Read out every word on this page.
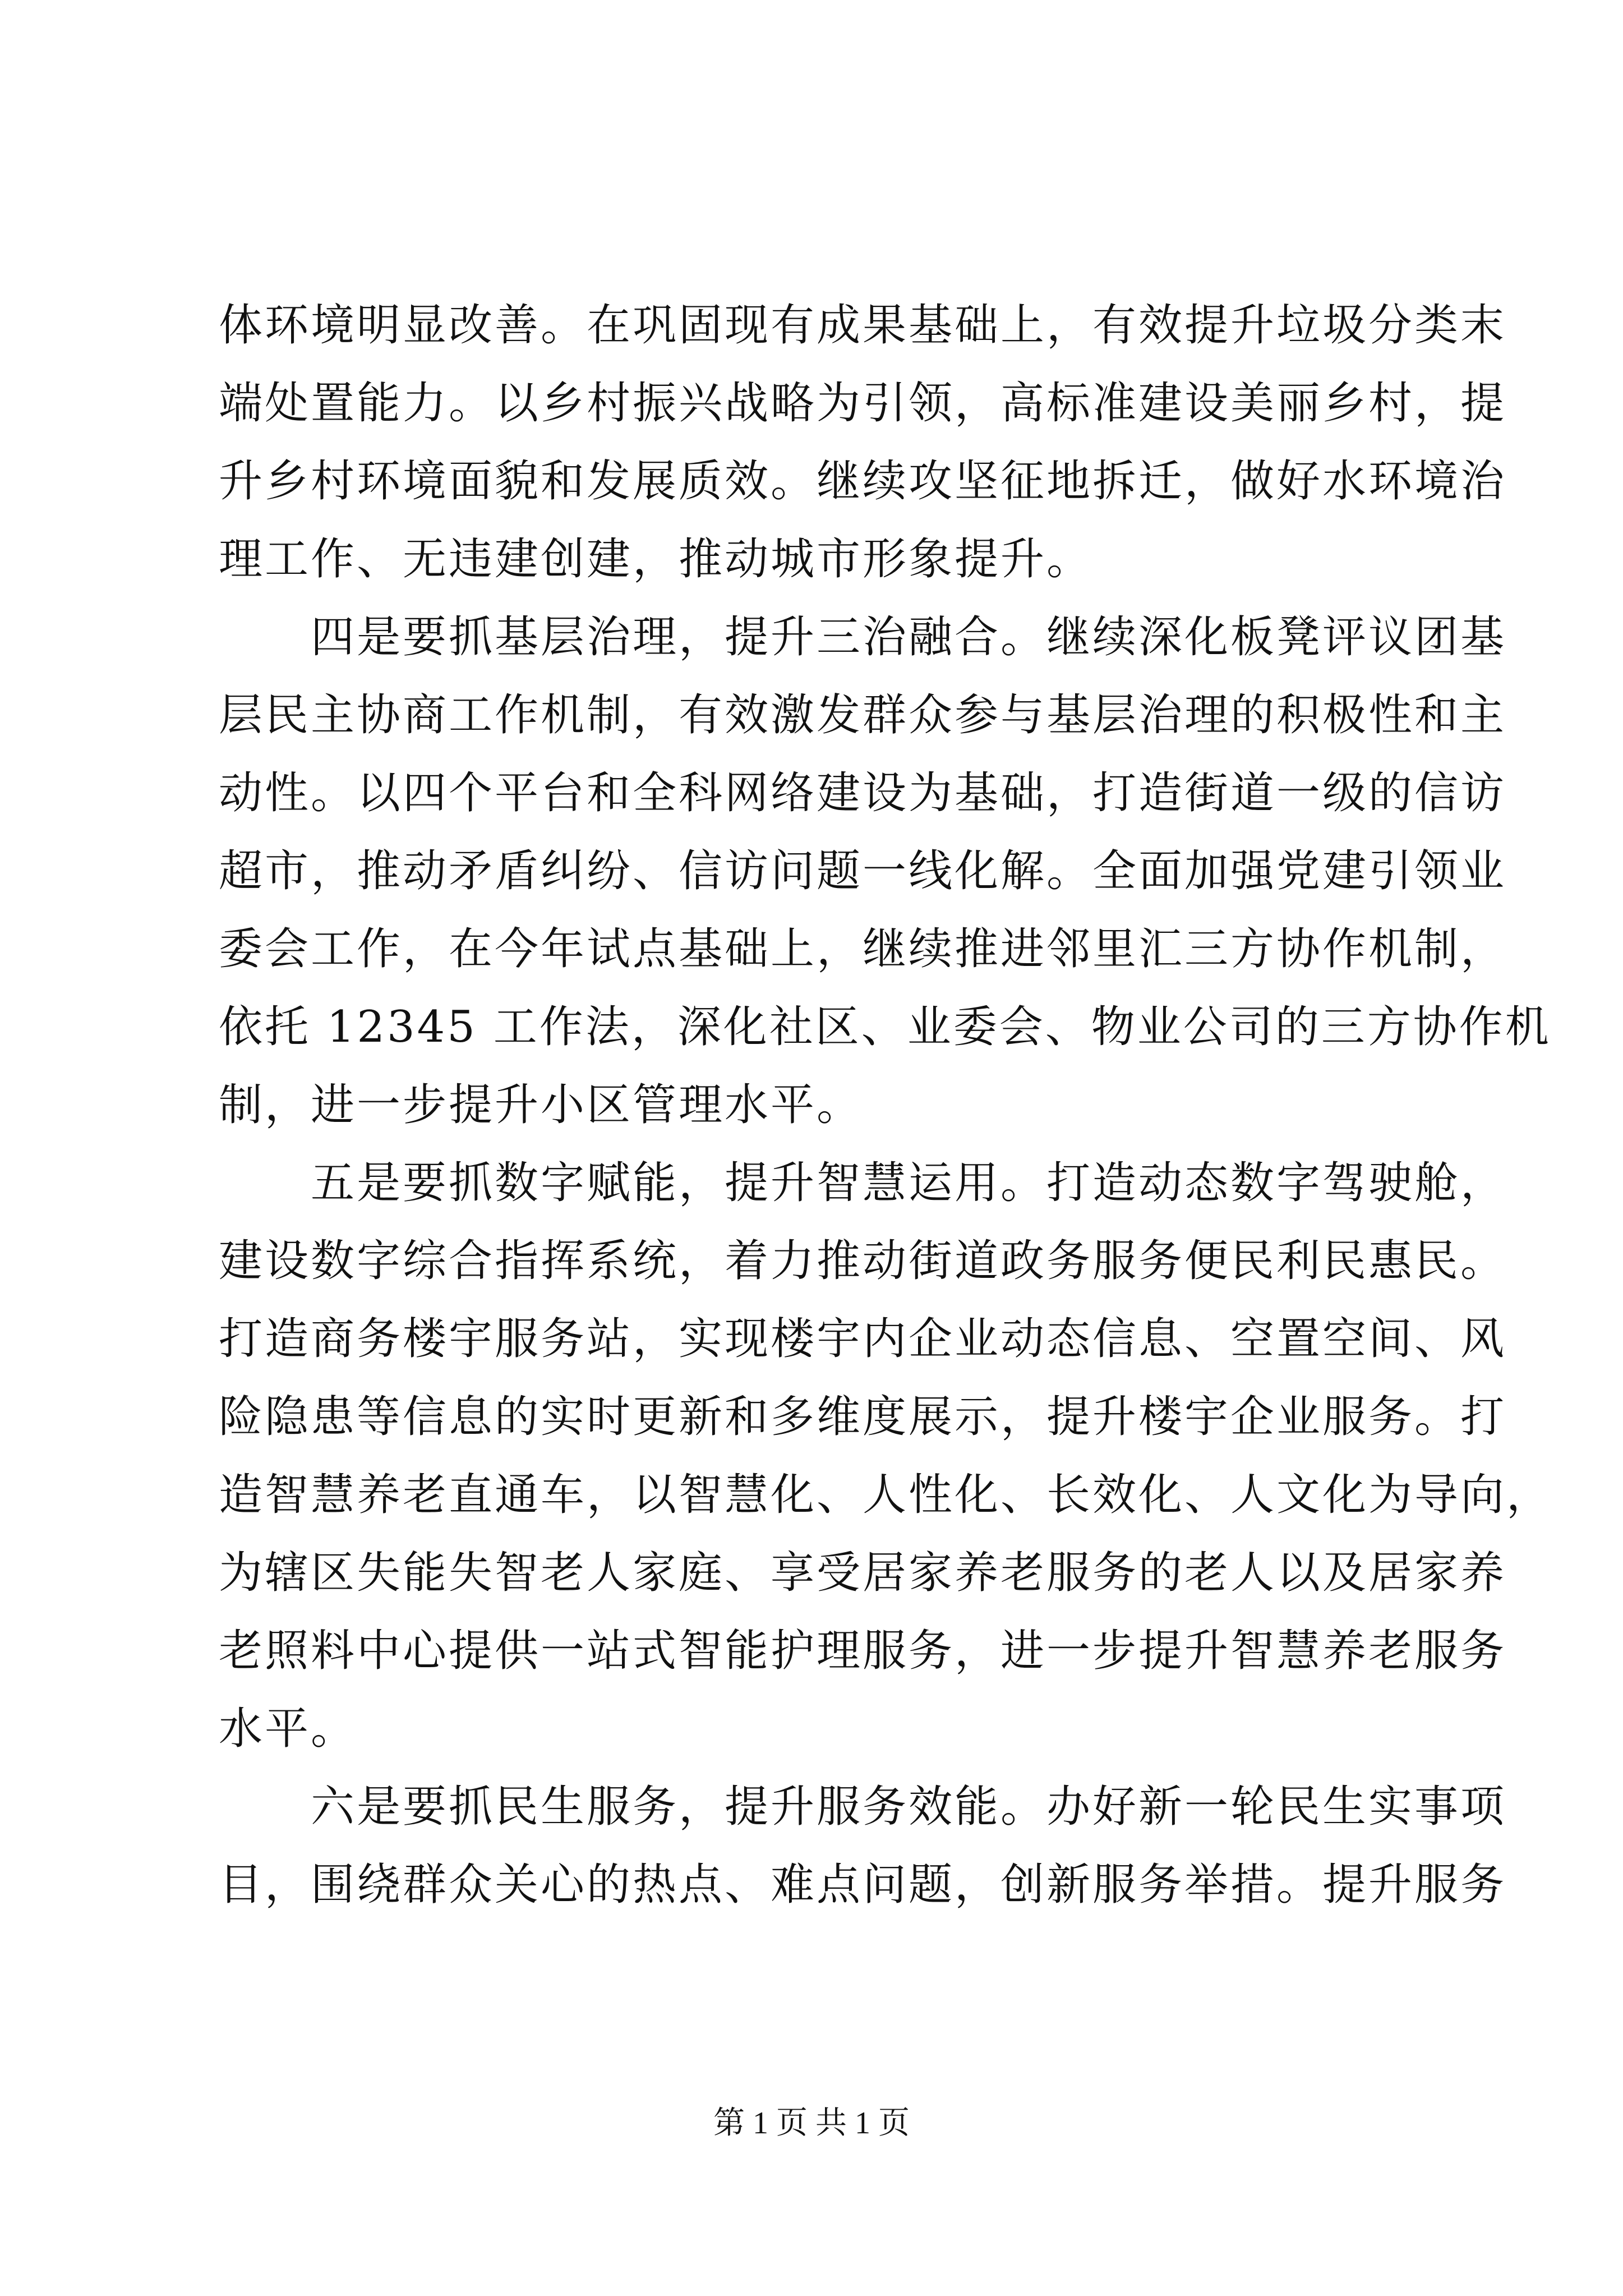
体环境明显改善。在巩固现有成果基础上，有效提升垃圾分类末
端处置能力。以乡村振兴战略为引领，高标准建设美丽乡村，提
升乡村环境面貌和发展质效。继续攻坚征地拆迁，做好水环境治
理工作、无违建创建，推动城市形象提升。
　　四是要抓基层治理，提升三治融合。继续深化板凳评议团基
层民主协商工作机制，有效激发群众参与基层治理的积极性和主
动性。以四个平台和全科网络建设为基础，打造街道一级的信访
超市，推动矛盾纠纷、信访问题一线化解。全面加强党建引领业
委会工作，在今年试点基础上，继续推进邻里汇三方协作机制，
依托 12345 工作法，深化社区、业委会、物业公司的三方协作机
制，进一步提升小区管理水平。
　　五是要抓数字赋能，提升智慧运用。打造动态数字驾驶舱，
建设数字综合指挥系统，着力推动街道政务服务便民利民惠民。
打造商务楼宇服务站，实现楼宇内企业动态信息、空置空间、风
险隐患等信息的实时更新和多维度展示，提升楼宇企业服务。打
造智慧养老直通车，以智慧化、人性化、长效化、人文化为导向，
为辖区失能失智老人家庭、享受居家养老服务的老人以及居家养
老照料中心提供一站式智能护理服务，进一步提升智慧养老服务
水平。
　　六是要抓民生服务，提升服务效能。办好新一轮民生实事项
目，围绕群众关心的热点、难点问题，创新服务举措。提升服务
第 1 页 共 1 页
